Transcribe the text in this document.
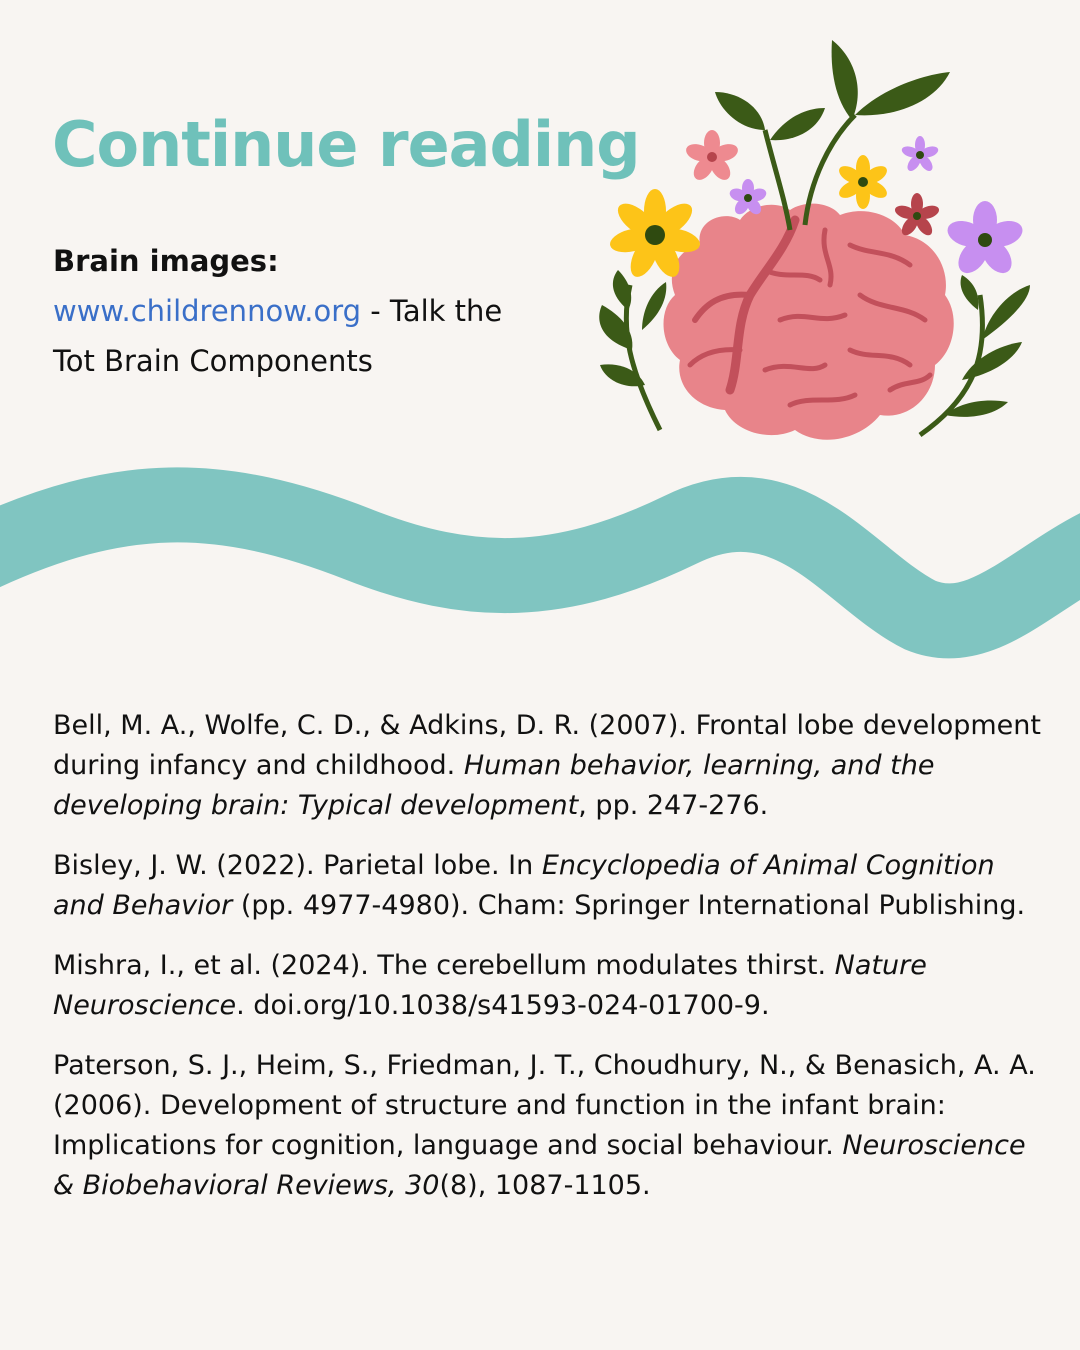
Continue reading
Brain images:
www.childrennow.org - Talk the Tot Brain Components

Bell, M. A., Wolfe, C. D., & Adkins, D. R. (2007). Frontal lobe development during infancy and childhood. Human behavior, learning, and the developing brain: Typical development, pp. 247-276.

Bisley, J. W. (2022). Parietal lobe. In Encyclopedia of Animal Cognition and Behavior (pp. 4977-4980). Cham: Springer International Publishing.

Mishra, I., et al. (2024). The cerebellum modulates thirst. Nature Neuroscience. doi.org/10.1038/s41593-024-01700-9.

Paterson, S. J., Heim, S., Friedman, J. T., Choudhury, N., & Benasich, A. A. (2006). Development of structure and function in the infant brain: Implications for cognition, language and social behaviour. Neuroscience & Biobehavioral Reviews, 30(8), 1087-1105.
